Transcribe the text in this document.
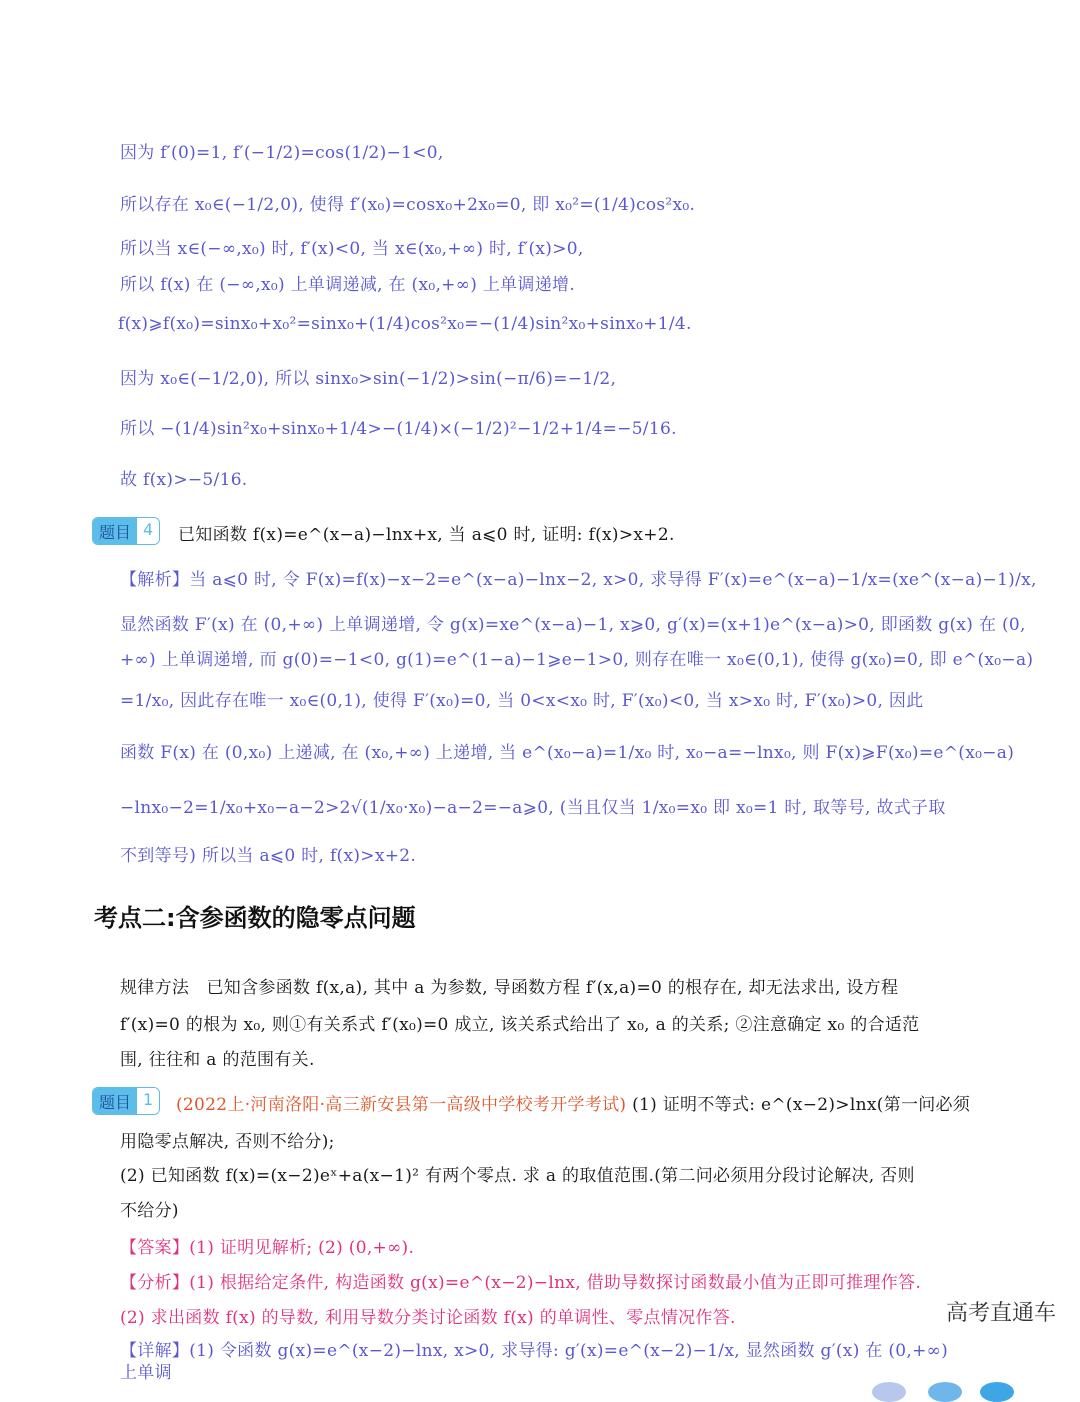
因为 f′(0)=1, f′(−1/2)=cos(1/2)−1<0,
所以存在 x₀∈(−1/2,0), 使得 f′(x₀)=cosx₀+2x₀=0, 即 x₀²=(1/4)cos²x₀.
所以当 x∈(−∞,x₀) 时, f′(x)<0, 当 x∈(x₀,+∞) 时, f′(x)>0,
所以 f(x) 在 (−∞,x₀) 上单调递减, 在 (x₀,+∞) 上单调递增.
f(x)⩾f(x₀)=sinx₀+x₀²=sinx₀+(1/4)cos²x₀=−(1/4)sin²x₀+sinx₀+1/4.
因为 x₀∈(−1/2,0), 所以 sinx₀>sin(−1/2)>sin(−π/6)=−1/2,
所以 −(1/4)sin²x₀+sinx₀+1/4>−(1/4)×(−1/2)²−1/2+1/4=−5/16.
故 f(x)>−5/16.
题目 4	已知函数 f(x)=e^(x−a)−lnx+x, 当 a⩽0 时, 证明: f(x)>x+2.
【解析】当 a⩽0 时, 令 F(x)=f(x)−x−2=e^(x−a)−lnx−2, x>0, 求导得 F′(x)=e^(x−a)−1/x=(xe^(x−a)−1)/x,
显然函数 F′(x) 在 (0,+∞) 上单调递增, 令 g(x)=xe^(x−a)−1, x⩾0, g′(x)=(x+1)e^(x−a)>0, 即函数 g(x) 在 (0,
+∞) 上单调递增, 而 g(0)=−1<0, g(1)=e^(1−a)−1⩾e−1>0, 则存在唯一 x₀∈(0,1), 使得 g(x₀)=0, 即 e^(x₀−a)
=1/x₀, 因此存在唯一 x₀∈(0,1), 使得 F′(x₀)=0, 当 0<x<x₀ 时, F′(x₀)<0, 当 x>x₀ 时, F′(x₀)>0, 因此
函数 F(x) 在 (0,x₀) 上递减, 在 (x₀,+∞) 上递增, 当 e^(x₀−a)=1/x₀ 时, x₀−a=−lnx₀, 则 F(x)⩾F(x₀)=e^(x₀−a)
−lnx₀−2=1/x₀+x₀−a−2>2√(1/x₀·x₀)−a−2=−a⩾0, (当且仅当 1/x₀=x₀ 即 x₀=1 时, 取等号, 故式子取
不到等号) 所以当 a⩽0 时, f(x)>x+2.
考点二:含参函数的隐零点问题
规律方法　已知含参函数 f(x,a), 其中 a 为参数, 导函数方程 f′(x,a)=0 的根存在, 却无法求出, 设方程
f′(x)=0 的根为 x₀, 则①有关系式 f′(x₀)=0 成立, 该关系式给出了 x₀, a 的关系; ②注意确定 x₀ 的合适范
围, 往往和 a 的范围有关.
题目 1	(2022上·河南洛阳·高三新安县第一高级中学校考开学考试) (1) 证明不等式: e^(x−2)>lnx(第一问必须
用隐零点解决, 否则不给分);
(2) 已知函数 f(x)=(x−2)eˣ+a(x−1)² 有两个零点. 求 a 的取值范围.(第二问必须用分段讨论解决, 否则
不给分)
【答案】(1) 证明见解析; (2) (0,+∞).
【分析】(1) 根据给定条件, 构造函数 g(x)=e^(x−2)−lnx, 借助导数探讨函数最小值为正即可推理作答.
(2) 求出函数 f(x) 的导数, 利用导数分类讨论函数 f(x) 的单调性、零点情况作答.
【详解】(1) 令函数 g(x)=e^(x−2)−lnx, x>0, 求导得: g′(x)=e^(x−2)−1/x, 显然函数 g′(x) 在 (0,+∞) 上单调
高考直通车
